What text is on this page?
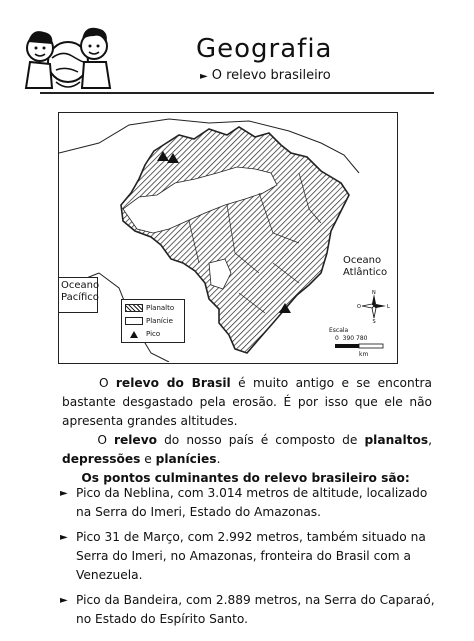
Geografia
► O relevo brasileiro
Oceano
Atlântico
Oceano
Pacífico
Planalto
Planície
Pico
N
S
O	L
Escala
0 390 780
km

O relevo do Brasil é muito antigo e se encontra bastante desgastado pela erosão. É por isso que ele não apresenta grandes altitudes.

O relevo do nosso país é composto de planaltos, depressões e planícies.

Os pontos culminantes do relevo brasileiro são:

► Pico da Neblina, com 3.014 metros de altitude, localizado na Serra do Imeri, Estado do Amazonas.
► Pico 31 de Março, com 2.992 metros, também situado na Serra do Imeri, no Amazonas, fronteira do Brasil com a Venezuela.
► Pico da Bandeira, com 2.889 metros, na Serra do Caparaó, no Estado do Espírito Santo.
